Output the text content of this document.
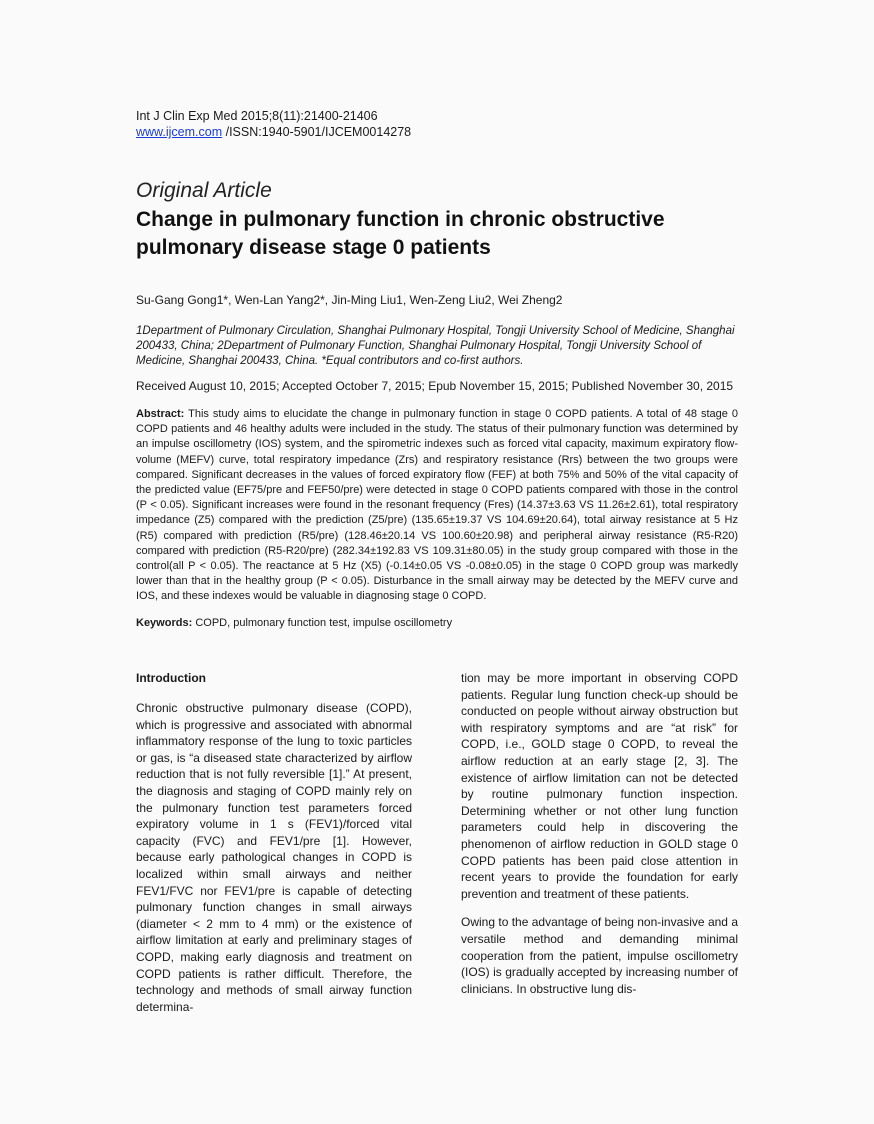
Int J Clin Exp Med 2015;8(11):21400-21406

www.ijcem.com /ISSN:1940-5901/IJCEM0014278

Original Article
Change in pulmonary function in chronic obstructive pulmonary disease stage 0 patients
Su-Gang Gong1*, Wen-Lan Yang2*, Jin-Ming Liu1, Wen-Zeng Liu2, Wei Zheng2
1Department of Pulmonary Circulation, Shanghai Pulmonary Hospital, Tongji University School of Medicine, Shanghai 200433, China; 2Department of Pulmonary Function, Shanghai Pulmonary Hospital, Tongji University School of Medicine, Shanghai 200433, China. *Equal contributors and co-first authors.
Received August 10, 2015; Accepted October 7, 2015; Epub November 15, 2015; Published November 30, 2015
Abstract: This study aims to elucidate the change in pulmonary function in stage 0 COPD patients. A total of 48 stage 0 COPD patients and 46 healthy adults were included in the study. The status of their pulmonary function was determined by an impulse oscillometry (IOS) system, and the spirometric indexes such as forced vital capacity, maximum expiratory flow-volume (MEFV) curve, total respiratory impedance (Zrs) and respiratory resistance (Rrs) between the two groups were compared. Significant decreases in the values of forced expiratory flow (FEF) at both 75% and 50% of the vital capacity of the predicted value (EF75/pre and FEF50/pre) were detected in stage 0 COPD patients compared with those in the control (P < 0.05). Significant increases were found in the resonant frequency (Fres) (14.37±3.63 VS 11.26±2.61), total respiratory impedance (Z5) compared with the prediction (Z5/pre) (135.65±19.37 VS 104.69±20.64), total airway resistance at 5 Hz (R5) compared with prediction (R5/pre) (128.46±20.14 VS 100.60±20.98) and peripheral airway resistance (R5-R20) compared with prediction (R5-R20/pre) (282.34±192.83 VS 109.31±80.05) in the study group compared with those in the control(all P < 0.05). The reactance at 5 Hz (X5) (-0.14±0.05 VS -0.08±0.05) in the stage 0 COPD group was markedly lower than that in the healthy group (P < 0.05). Disturbance in the small airway may be detected by the MEFV curve and IOS, and these indexes would be valuable in diagnosing stage 0 COPD.
Keywords: COPD, pulmonary function test, impulse oscillometry
Introduction

Chronic obstructive pulmonary disease (COPD), which is progressive and associated with abnormal inflammatory response of the lung to toxic particles or gas, is “a diseased state characterized by airflow reduction that is not fully reversible [1].” At present, the diagnosis and staging of COPD mainly rely on the pulmonary function test parameters forced expiratory volume in 1 s (FEV1)/forced vital capacity (FVC) and FEV1/pre [1]. However, because early pathological changes in COPD is localized within small airways and neither FEV1/FVC nor FEV1/pre is capable of detecting pulmonary function changes in small airways (diameter < 2 mm to 4 mm) or the existence of airflow limitation at early and preliminary stages of COPD, making early diagnosis and treatment on COPD patients is rather difficult. Therefore, the technology and methods of small airway function determina-

tion may be more important in observing COPD patients. Regular lung function check-up should be conducted on people without airway obstruction but with respiratory symptoms and are “at risk” for COPD, i.e., GOLD stage 0 COPD, to reveal the airflow reduction at an early stage [2, 3]. The existence of airflow limitation can not be detected by routine pulmonary function inspection. Determining whether or not other lung function parameters could help in discovering the phenomenon of airflow reduction in GOLD stage 0 COPD patients has been paid close attention in recent years to provide the foundation for early prevention and treatment of these patients.

Owing to the advantage of being non-invasive and a versatile method and demanding minimal cooperation from the patient, impulse oscillometry (IOS) is gradually accepted by increasing number of clinicians. In obstructive lung dis-
